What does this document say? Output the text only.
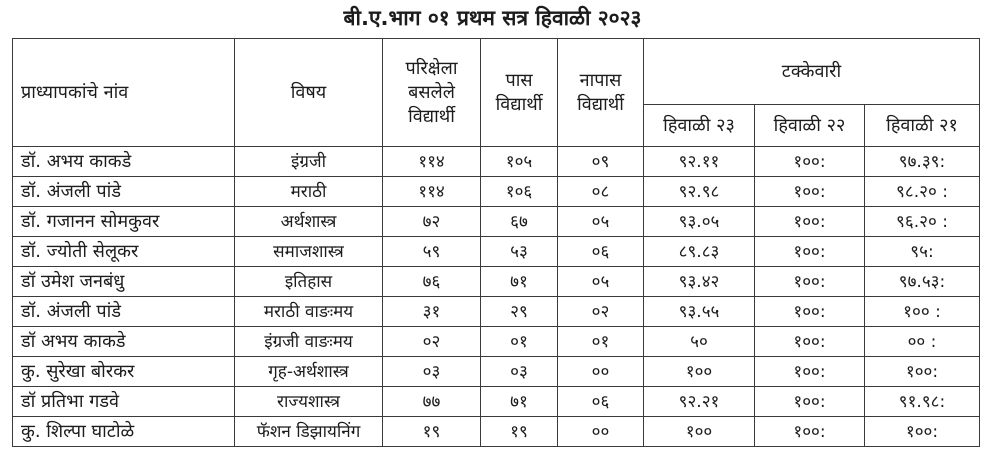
बी.ए.भाग ०१ प्रथम सत्र हिवाळी २०२३
प्राध्यापकांचे नांव	विषय	परिक्षेला बसलेले विद्यार्थी	पास विद्यार्थी	नापास विद्यार्थी	टक्केवारी		
					हिवाळी २३	हिवाळी २२	हिवाळी २१
डॉ. अभय काकडे	इंग्रजी	११४	१०५	०९	९२.११	१००:	९७.३९:
डॉ. अंजली पांडे	मराठी	११४	१०६	०८	९२.९८	१००:	९८.२० :
डॉ. गजानन सोमकुवर	अर्थशास्त्र	७२	६७	०५	९३.०५	१००:	९६.२० :
डॉ. ज्योती सेलूकर	समाजशास्त्र	५९	५३	०६	८९.८३	१००:	९५:
डॉ उमेश जनबंधु	इतिहास	७६	७१	०५	९३.४२	१००:	९७.५३:
डॉ. अंजली पांडे	मराठी वाङःमय	३१	२९	०२	९३.५५	१००:	१०० :
डॉ अभय काकडे	इंग्रजी वाङःमय	०२	०१	०१	५०	१००:	०० :
कु. सुरेखा बोरकर	गृह-अर्थशास्त्र	०३	०३	००	१००	१००:	१००:
डॉ प्रतिभा गडवे	राज्यशास्त्र	७७	७१	०६	९२.२१	१००:	९१.९८:
कु. शिल्पा घाटोळे	फॅशन डिझायनिंग	१९	१९	००	१००	१००:	१००:
